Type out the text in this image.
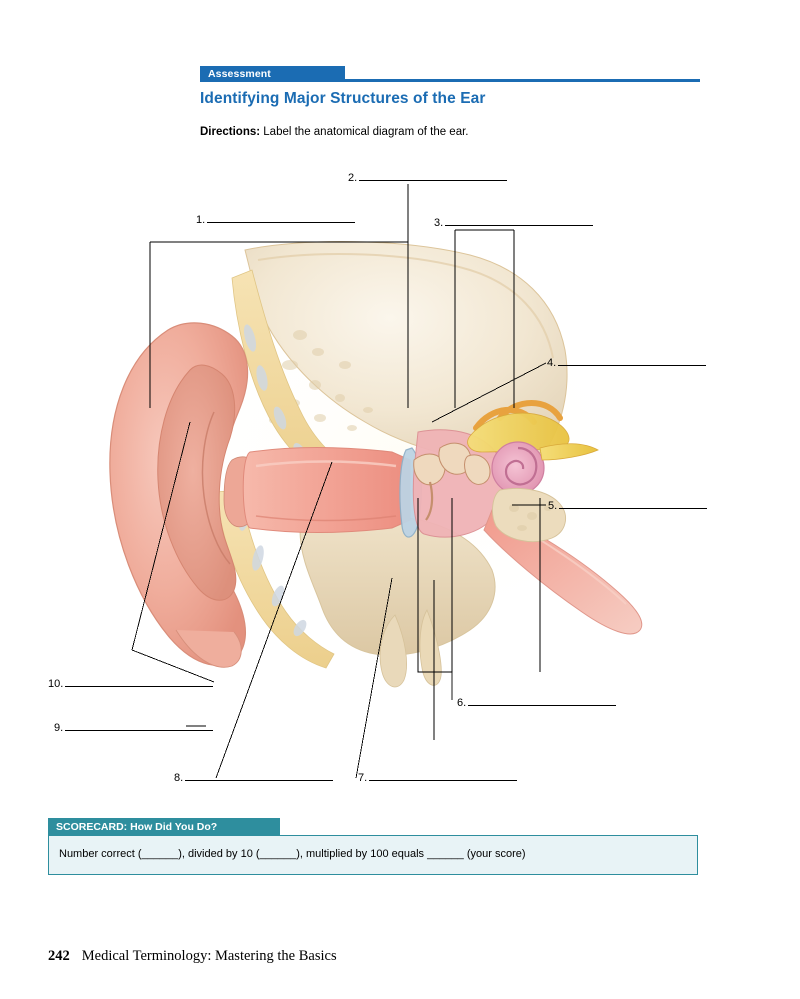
Assessment
Identifying Major Structures of the Ear
Directions: Label the anatomical diagram of the ear.
2.
1.	3.
4.
5.
6.
7.
8.
9.
10.
SCORECARD: How Did You Do?

Number correct (______), divided by 10 (______), multiplied by 100 equals ______ (your score)

242 Medical Terminology: Mastering the Basics
